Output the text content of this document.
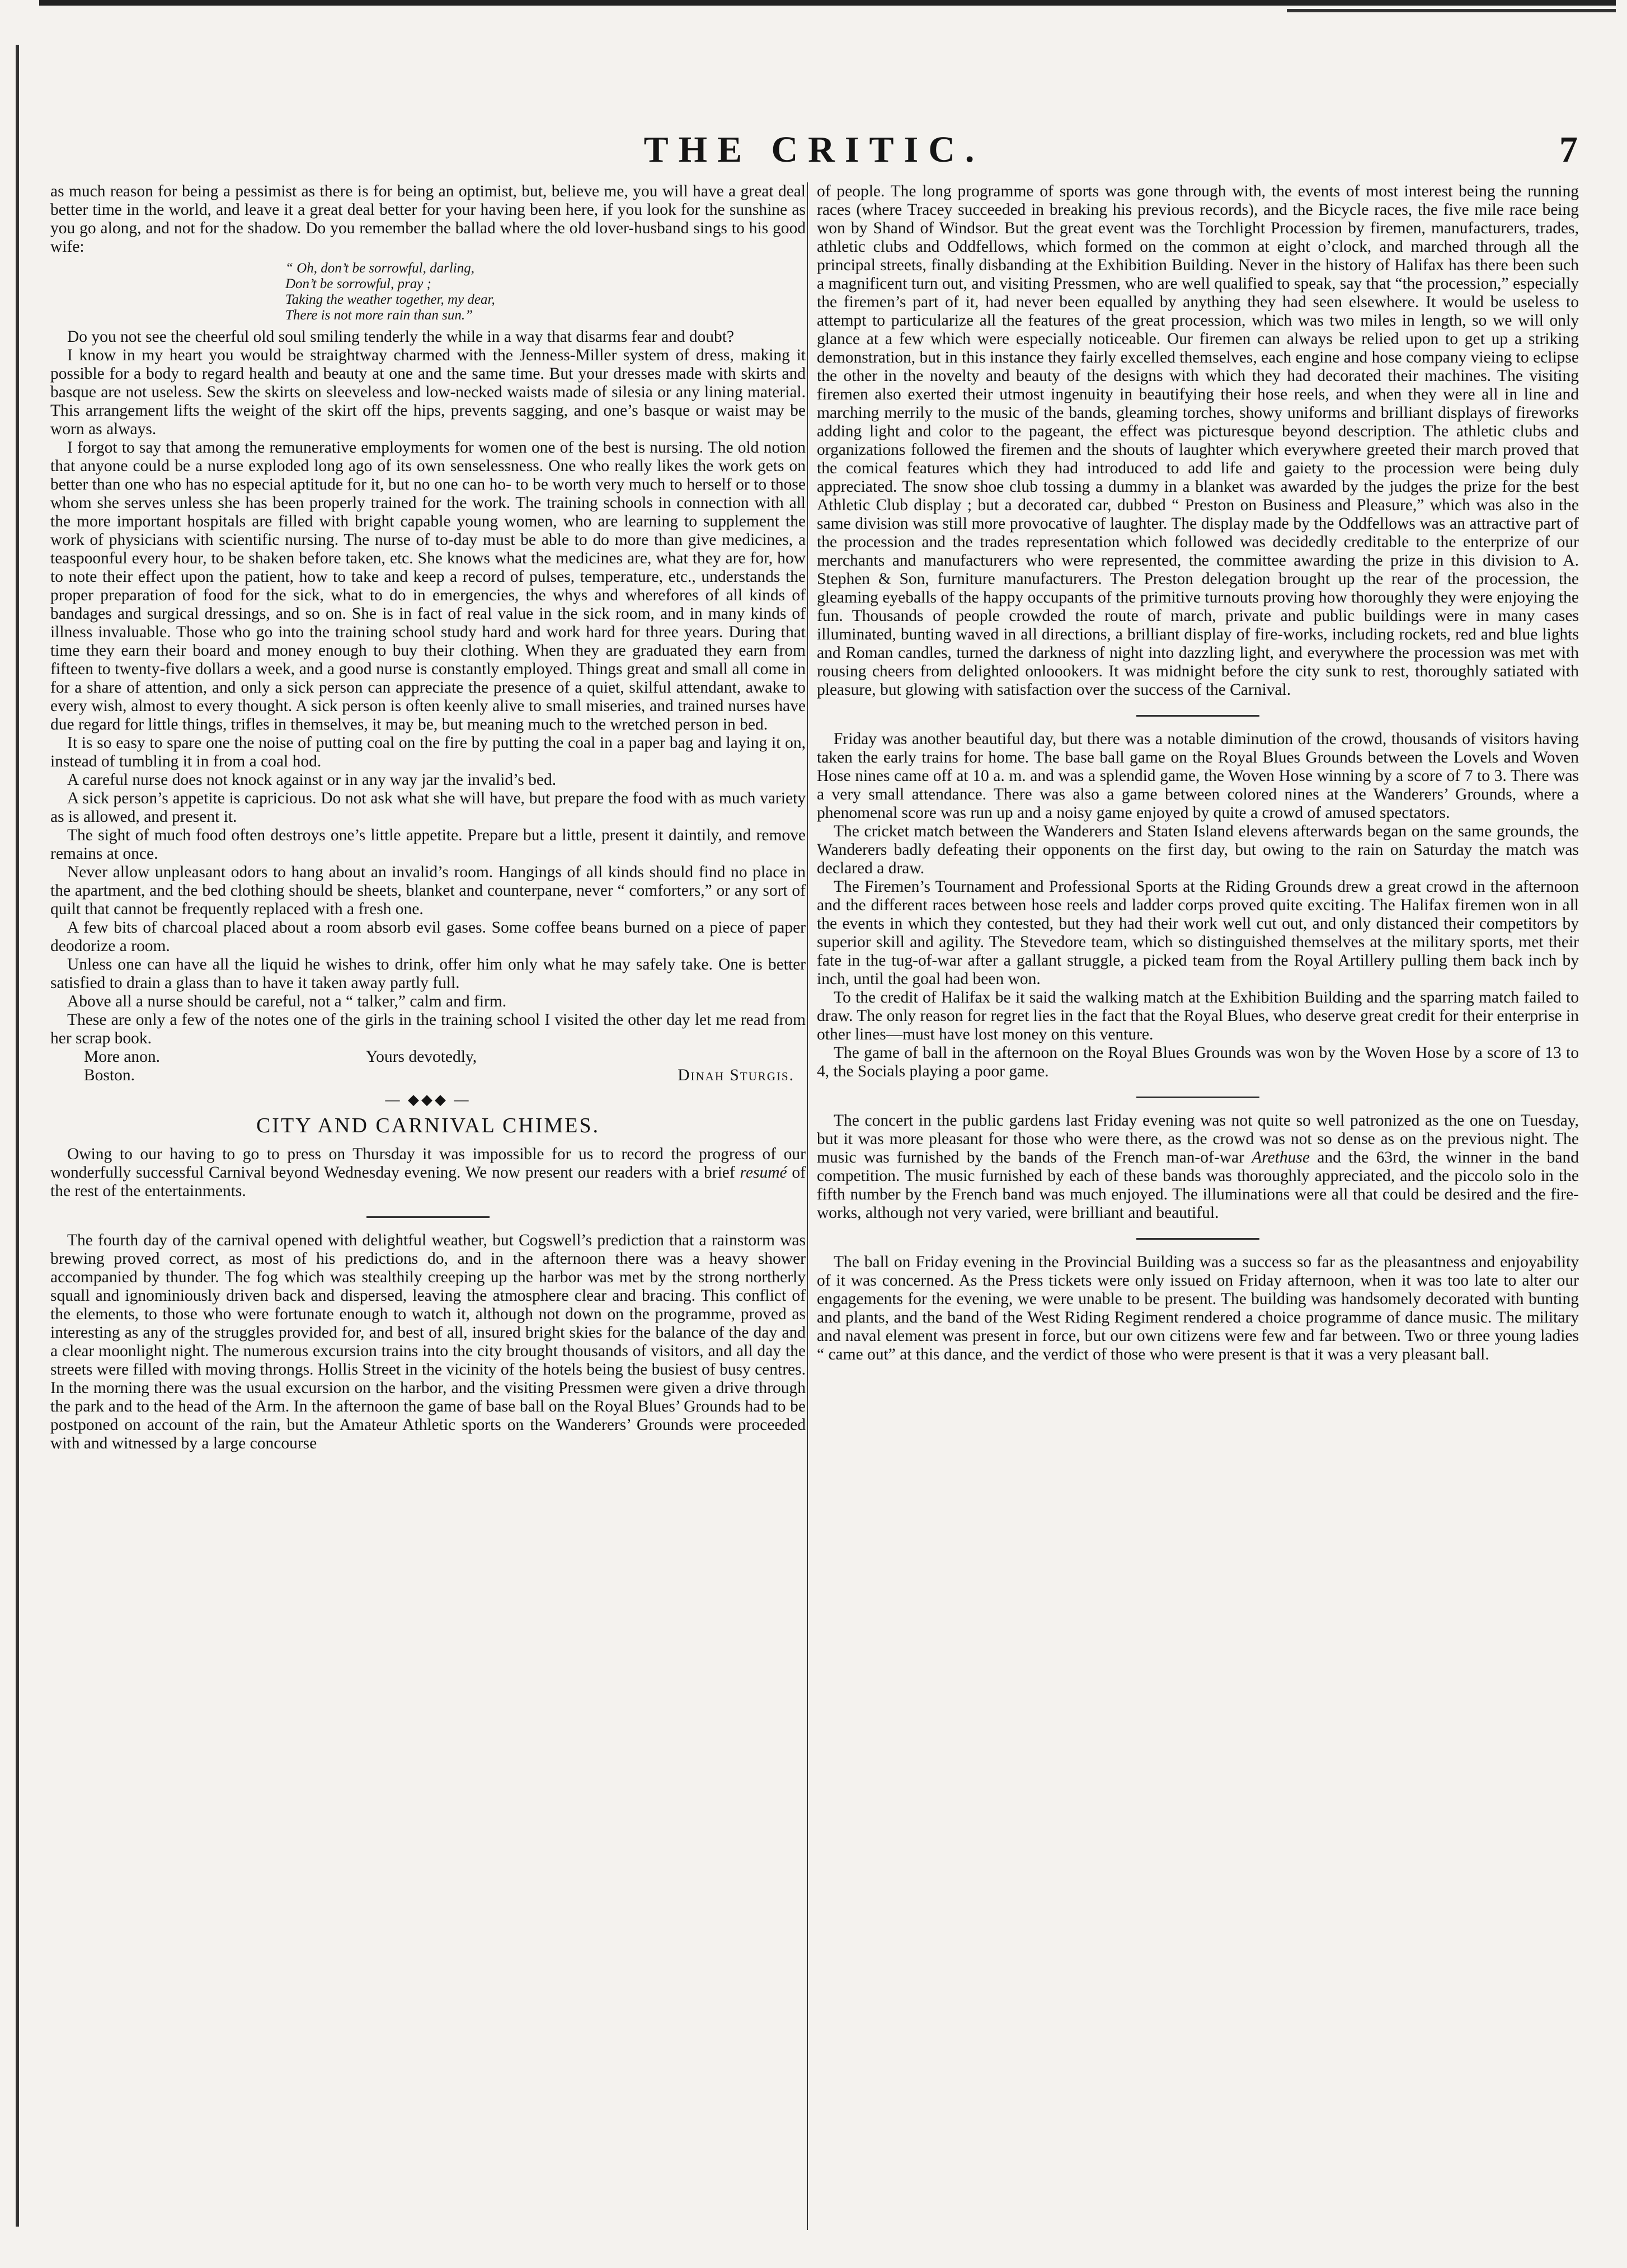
THE CRITIC.	7

as much reason for being a pessimist as there is for being an optimist, but, believe me, you will have a great deal better time in the world, and leave it a great deal better for your having been here, if you look for the sunshine as you go along, and not for the shadow. Do you remember the ballad where the old lover-husband sings to his good wife:

“ Oh, don’t be sorrowful, darling,
Don’t be sorrowful, pray ;
Taking the weather together, my dear,
There is not more rain than sun.”

Do you not see the cheerful old soul smiling tenderly the while in a way that disarms fear and doubt?

I know in my heart you would be straightway charmed with the Jenness-Miller system of dress, making it possible for a body to regard health and beauty at one and the same time. But your dresses made with skirts and basque are not useless. Sew the skirts on sleeveless and low-necked waists made of silesia or any lining material. This arrangement lifts the weight of the skirt off the hips, prevents sagging, and one’s basque or waist may be worn as always.

I forgot to say that among the remunerative employments for women one of the best is nursing. The old notion that anyone could be a nurse exploded long ago of its own senselessness. One who really likes the work gets on better than one who has no especial aptitude for it, but no one can ho- to be worth very much to herself or to those whom she serves unless she has been properly trained for the work. The training schools in connection with all the more important hospitals are filled with bright capable young women, who are learning to supplement the work of physicians with scientific nursing. The nurse of to-day must be able to do more than give medicines, a teaspoonful every hour, to be shaken before taken, etc. She knows what the medicines are, what they are for, how to note their effect upon the patient, how to take and keep a record of pulses, temperature, etc., understands the proper preparation of food for the sick, what to do in emergencies, the whys and wherefores of all kinds of bandages and surgical dressings, and so on. She is in fact of real value in the sick room, and in many kinds of illness invaluable. Those who go into the training school study hard and work hard for three years. During that time they earn their board and money enough to buy their clothing. When they are graduated they earn from fifteen to twenty-five dollars a week, and a good nurse is constantly employed. Things great and small all come in for a share of attention, and only a sick person can appreciate the presence of a quiet, skilful attendant, awake to every wish, almost to every thought. A sick person is often keenly alive to small miseries, and trained nurses have due regard for little things, trifles in themselves, it may be, but meaning much to the wretched person in bed.

It is so easy to spare one the noise of putting coal on the fire by putting the coal in a paper bag and laying it on, instead of tumbling it in from a coal hod.

A careful nurse does not knock against or in any way jar the invalid’s bed.

A sick person’s appetite is capricious. Do not ask what she will have, but prepare the food with as much variety as is allowed, and present it.

The sight of much food often destroys one’s little appetite. Prepare but a little, present it daintily, and remove remains at once.

Never allow unpleasant odors to hang about an invalid’s room. Hangings of all kinds should find no place in the apartment, and the bed clothing should be sheets, blanket and counterpane, never “ comforters,” or any sort of quilt that cannot be frequently replaced with a fresh one.

A few bits of charcoal placed about a room absorb evil gases. Some coffee beans burned on a piece of paper deodorize a room.

Unless one can have all the liquid he wishes to drink, offer him only what he may safely take. One is better satisfied to drain a glass than to have it taken away partly full.

Above all a nurse should be careful, not a “ talker,” calm and firm.

These are only a few of the notes one of the girls in the training school I visited the other day let me read from her scrap book.

More anon.	Yours devotedly,
Boston.	Dinah Sturgis.
— ◆◆◆ —
CITY AND CARNIVAL CHIMES.

Owing to our having to go to press on Thursday it was impossible for us to record the progress of our wonderfully successful Carnival beyond Wednesday evening. We now present our readers with a brief resumé of the rest of the entertainments.

The fourth day of the carnival opened with delightful weather, but Cogswell’s prediction that a rainstorm was brewing proved correct, as most of his predictions do, and in the afternoon there was a heavy shower accompanied by thunder. The fog which was stealthily creeping up the harbor was met by the strong northerly squall and ignominiously driven back and dispersed, leaving the atmosphere clear and bracing. This conflict of the elements, to those who were fortunate enough to watch it, although not down on the programme, proved as interesting as any of the struggles provided for, and best of all, insured bright skies for the balance of the day and a clear moonlight night. The numerous excursion trains into the city brought thousands of visitors, and all day the streets were filled with moving throngs. Hollis Street in the vicinity of the hotels being the busiest of busy centres. In the morning there was the usual excursion on the harbor, and the visiting Pressmen were given a drive through the park and to the head of the Arm. In the afternoon the game of base ball on the Royal Blues’ Grounds had to be postponed on account of the rain, but the Amateur Athletic sports on the Wanderers’ Grounds were proceeded with and witnessed by a large concourse

of people. The long programme of sports was gone through with, the events of most interest being the running races (where Tracey succeeded in breaking his previous records), and the Bicycle races, the five mile race being won by Shand of Windsor. But the great event was the Torchlight Procession by firemen, manufacturers, trades, athletic clubs and Oddfellows, which formed on the common at eight o’clock, and marched through all the principal streets, finally disbanding at the Exhibition Building. Never in the history of Halifax has there been such a magnificent turn out, and visiting Pressmen, who are well qualified to speak, say that “the procession,” especially the firemen’s part of it, had never been equalled by anything they had seen elsewhere. It would be useless to attempt to particularize all the features of the great procession, which was two miles in length, so we will only glance at a few which were especially noticeable. Our firemen can always be relied upon to get up a striking demonstration, but in this instance they fairly excelled themselves, each engine and hose company vieing to eclipse the other in the novelty and beauty of the designs with which they had decorated their machines. The visiting firemen also exerted their utmost ingenuity in beautifying their hose reels, and when they were all in line and marching merrily to the music of the bands, gleaming torches, showy uniforms and brilliant displays of fireworks adding light and color to the pageant, the effect was picturesque beyond description. The athletic clubs and organizations followed the firemen and the shouts of laughter which everywhere greeted their march proved that the comical features which they had introduced to add life and gaiety to the procession were being duly appreciated. The snow shoe club tossing a dummy in a blanket was awarded by the judges the prize for the best Athletic Club display ; but a decorated car, dubbed “ Preston on Business and Pleasure,” which was also in the same division was still more provocative of laughter. The display made by the Oddfellows was an attractive part of the procession and the trades representation which followed was decidedly creditable to the enterprize of our merchants and manufacturers who were represented, the committee awarding the prize in this division to A. Stephen & Son, furniture manufacturers. The Preston delegation brought up the rear of the procession, the gleaming eyeballs of the happy occupants of the primitive turnouts proving how thoroughly they were enjoying the fun. Thousands of people crowded the route of march, private and public buildings were in many cases illuminated, bunting waved in all directions, a brilliant display of fire-works, including rockets, red and blue lights and Roman candles, turned the darkness of night into dazzling light, and everywhere the procession was met with rousing cheers from delighted onloookers. It was midnight before the city sunk to rest, thoroughly satiated with pleasure, but glowing with satisfaction over the success of the Carnival.

Friday was another beautiful day, but there was a notable diminution of the crowd, thousands of visitors having taken the early trains for home. The base ball game on the Royal Blues Grounds between the Lovels and Woven Hose nines came off at 10 a. m. and was a splendid game, the Woven Hose winning by a score of 7 to 3. There was a very small attendance. There was also a game between colored nines at the Wanderers’ Grounds, where a phenomenal score was run up and a noisy game enjoyed by quite a crowd of amused spectators.

The cricket match between the Wanderers and Staten Island elevens afterwards began on the same grounds, the Wanderers badly defeating their opponents on the first day, but owing to the rain on Saturday the match was declared a draw.

The Firemen’s Tournament and Professional Sports at the Riding Grounds drew a great crowd in the afternoon and the different races between hose reels and ladder corps proved quite exciting. The Halifax firemen won in all the events in which they contested, but they had their work well cut out, and only distanced their competitors by superior skill and agility. The Stevedore team, which so distinguished themselves at the military sports, met their fate in the tug-of-war after a gallant struggle, a picked team from the Royal Artillery pulling them back inch by inch, until the goal had been won.

To the credit of Halifax be it said the walking match at the Exhibition Building and the sparring match failed to draw. The only reason for regret lies in the fact that the Royal Blues, who deserve great credit for their enterprise in other lines—must have lost money on this venture.

The game of ball in the afternoon on the Royal Blues Grounds was won by the Woven Hose by a score of 13 to 4, the Socials playing a poor game.

The concert in the public gardens last Friday evening was not quite so well patronized as the one on Tuesday, but it was more pleasant for those who were there, as the crowd was not so dense as on the previous night. The music was furnished by the bands of the French man-of-war Arethuse and the 63rd, the winner in the band competition. The music furnished by each of these bands was thoroughly appreciated, and the piccolo solo in the fifth number by the French band was much enjoyed. The illuminations were all that could be desired and the fire-works, although not very varied, were brilliant and beautiful.

The ball on Friday evening in the Provincial Building was a success so far as the pleasantness and enjoyability of it was concerned. As the Press tickets were only issued on Friday afternoon, when it was too late to alter our engagements for the evening, we were unable to be present. The building was handsomely decorated with bunting and plants, and the band of the West Riding Regiment rendered a choice programme of dance music. The military and naval element was present in force, but our own citizens were few and far between. Two or three young ladies “ came out” at this dance, and the verdict of those who were present is that it was a very pleasant ball.
